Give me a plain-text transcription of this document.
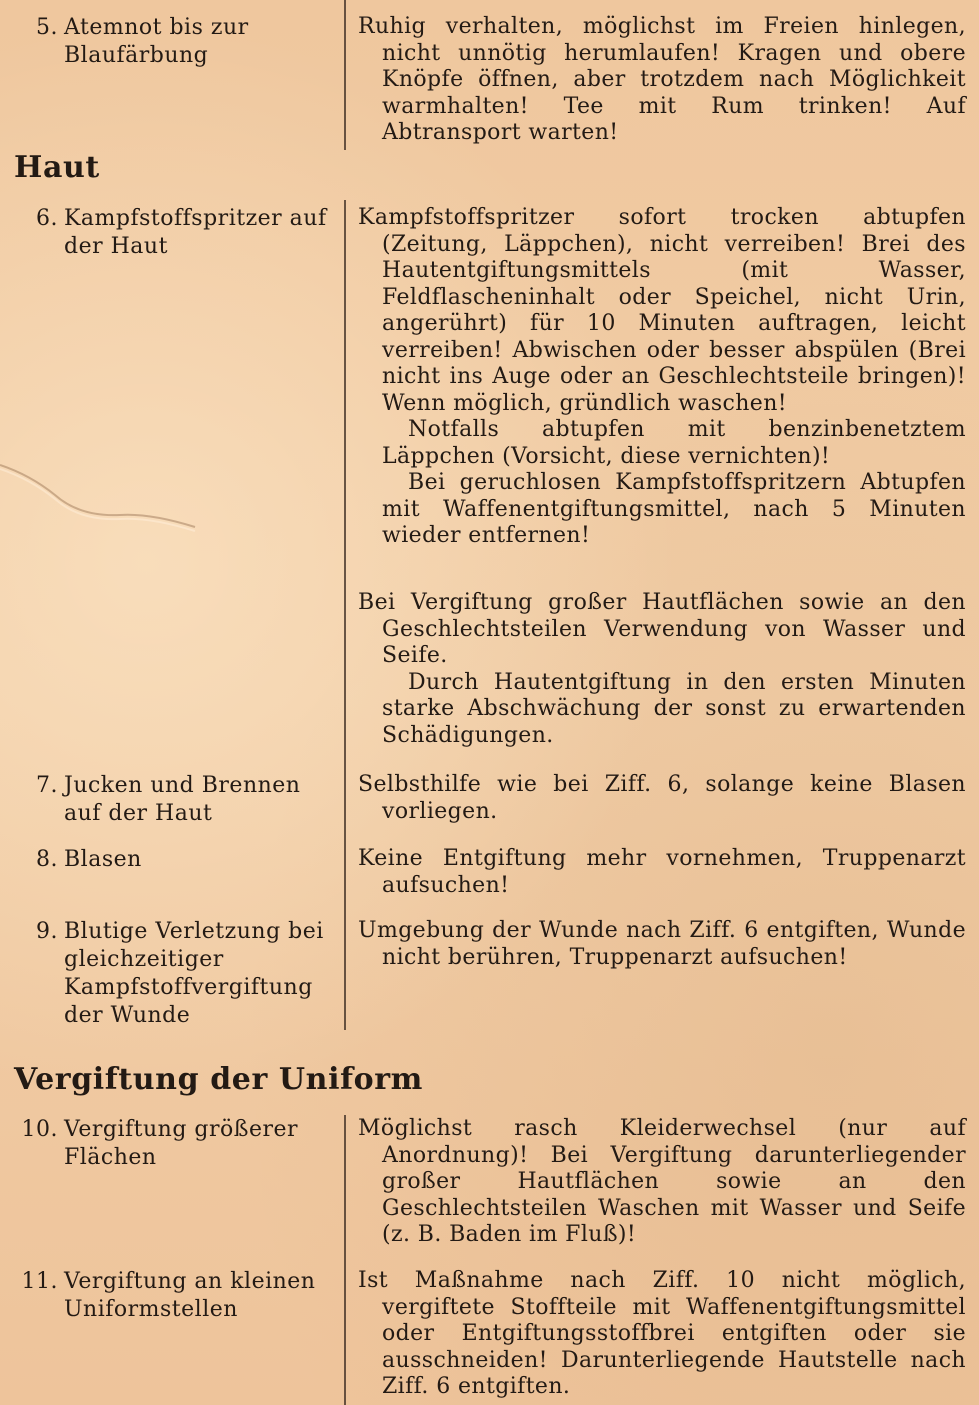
5. Atemnot bis zur Blaufärbung

Ruhig verhalten, möglichst im Freien hinlegen, nicht unnötig herumlaufen! Kragen und obere Knöpfe öffnen, aber trotzdem nach Möglichkeit warmhalten! Tee mit Rum trinken! Auf Abtransport warten!

Haut
6. Kampfstoffspritzer auf der Haut

Kampfstoffspritzer sofort trocken abtupfen (Zeitung, Läppchen), nicht verreiben! Brei des Hautentgiftungsmittels (mit Wasser, Feldflascheninhalt oder Speichel, nicht Urin, angerührt) für 10 Minuten auftragen, leicht verreiben! Abwischen oder besser abspülen (Brei nicht ins Auge oder an Geschlechtsteile bringen)! Wenn möglich, gründlich waschen!

Notfalls abtupfen mit benzinbenetztem Läppchen (Vorsicht, diese vernichten)!

Bei geruchlosen Kampfstoffspritzern Abtupfen mit Waffenentgiftungsmittel, nach 5 Minuten wieder entfernen!

Bei Vergiftung großer Hautflächen sowie an den Geschlechtsteilen Verwendung von Wasser und Seife.

Durch Hautentgiftung in den ersten Minuten starke Abschwächung der sonst zu erwartenden Schädigungen.

7. Jucken und Brennen auf der Haut

Selbsthilfe wie bei Ziff. 6, solange keine Blasen vorliegen.

8. Blasen	Keine Entgiftung mehr vornehmen, Truppenarzt aufsuchen!

9. Blutige Verletzung bei gleichzeitiger Kampfstoffvergiftung der Wunde

Umgebung der Wunde nach Ziff. 6 entgiften, Wunde nicht berühren, Truppenarzt aufsuchen!

Vergiftung der Uniform
10. Vergiftung größerer Flächen

Möglichst rasch Kleiderwechsel (nur auf Anordnung)! Bei Vergiftung darunterliegender großer Hautflächen sowie an den Geschlechtsteilen Waschen mit Wasser und Seife (z. B. Baden im Fluß)!

11. Vergiftung an kleinen Uniformstellen

Ist Maßnahme nach Ziff. 10 nicht möglich, vergiftete Stoffteile mit Waffenentgiftungsmittel oder Entgiftungsstoffbrei entgiften oder sie ausschneiden! Darunterliegende Hautstelle nach Ziff. 6 entgiften.
